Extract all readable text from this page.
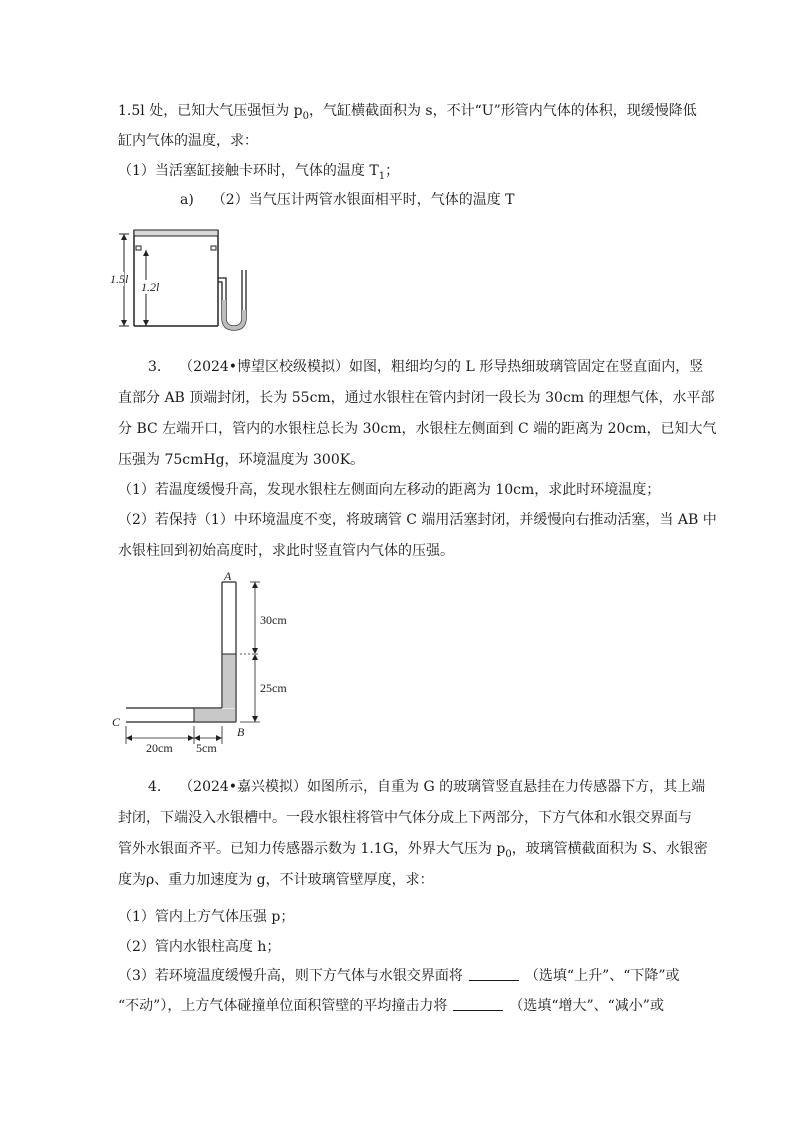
1.5l 处，已知大气压强恒为 $p_0$，气缸横截面积为 s，不计“U”形管内气体的体积，现缓慢降低
缸内气体的温度，求：
（1）当活塞缸接触卡环时，气体的温度 $T_1$；
a) （2）当气压计两管水银面相平时，气体的温度 T
1.5l
1.2l
3.    （2024•博望区校级模拟）如图，粗细均匀的 L 形导热细玻璃管固定在竖直面内，竖
直部分 AB 顶端封闭，长为 55cm，通过水银柱在管内封闭一段长为 30cm 的理想气体，水平部
分 BC 左端开口，管内的水银柱总长为 30cm，水银柱左侧面到 C 端的距离为 20cm，已知大气
压强为 75cmHg，环境温度为 300K。
（1）若温度缓慢升高，发现水银柱左侧面向左移动的距离为 10cm，求此时环境温度；
（2）若保持（1）中环境温度不变，将玻璃管 C 端用活塞封闭，并缓慢向右推动活塞，当 AB 中
水银柱回到初始高度时，求此时竖直管内气体的压强。
A
B
C
30cm
25cm
20cm 5cm
4.    （2024•嘉兴模拟）如图所示，自重为 G 的玻璃管竖直悬挂在力传感器下方，其上端
封闭，下端没入水银槽中。一段水银柱将管中气体分成上下两部分，下方气体和水银交界面与
管外水银面齐平。已知力传感器示数为 1.1G，外界大气压为 $p_0$，玻璃管横截面积为 S、水银密
度为ρ、重力加速度为 g，不计玻璃管壁厚度，求：
（1）管内上方气体压强 p；
（2）管内水银柱高度 h；
（3）若环境温度缓慢升高，则下方气体与水银交界面将	（选填“上升”、“下降”或
“不动”），上方气体碰撞单位面积管壁的平均撞击力将	（选填“增大”、“减小”或
